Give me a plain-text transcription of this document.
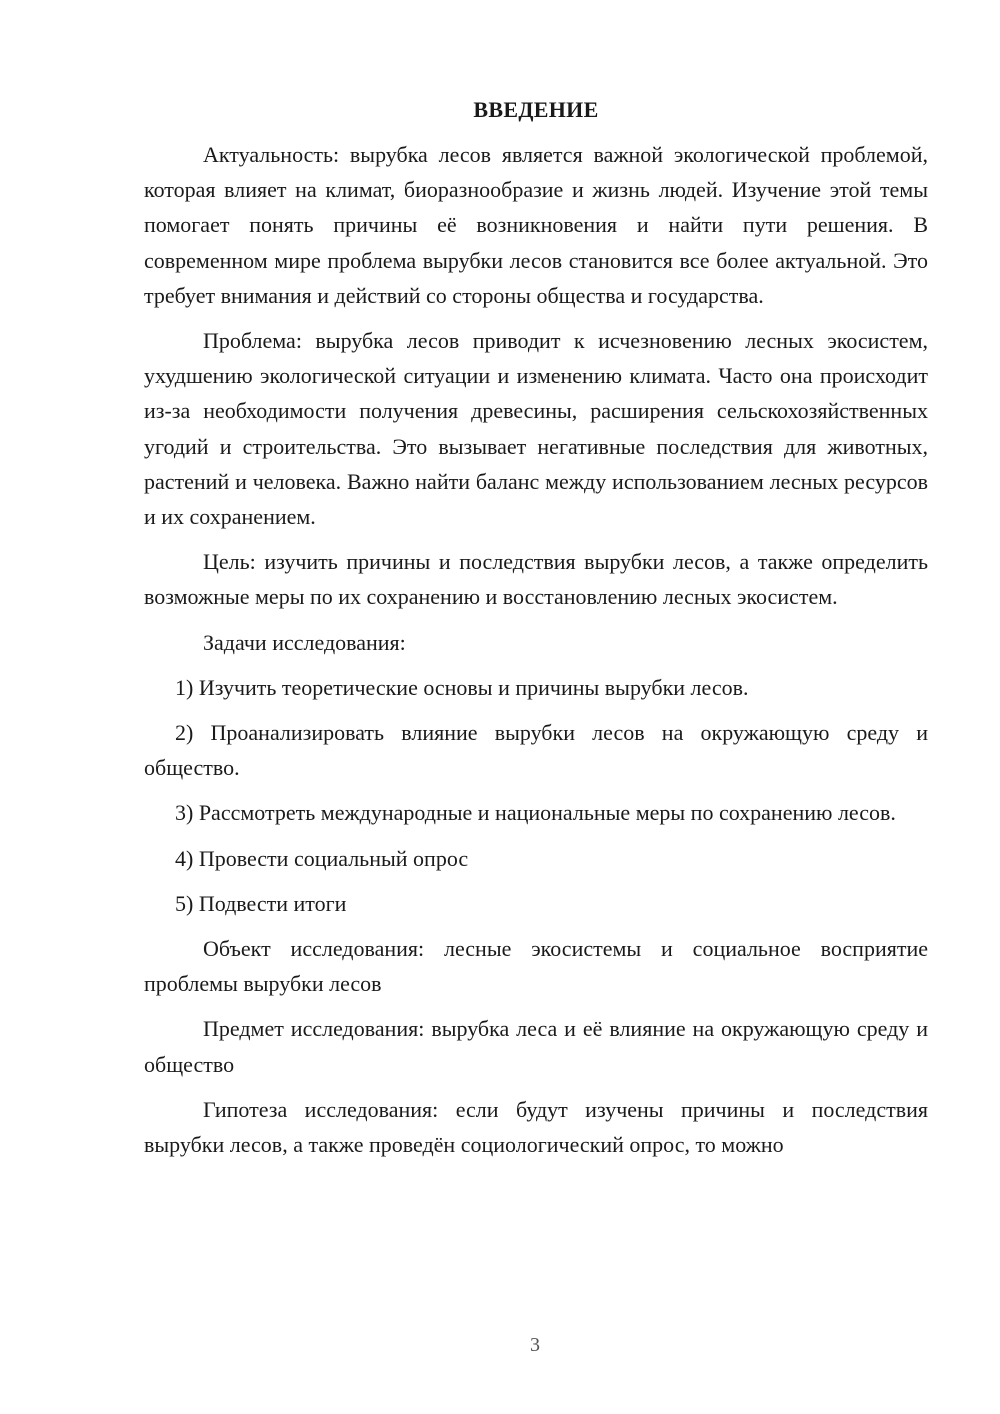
ВВЕДЕНИЕ

Актуальность: вырубка лесов является важной экологической проблемой, которая влияет на климат, биоразнообразие и жизнь людей. Изучение этой темы помогает понять причины её возникновения и найти пути решения. В современном мире проблема вырубки лесов становится все более актуальной. Это требует внимания и действий со стороны общества и государства.

Проблема: вырубка лесов приводит к исчезновению лесных экосистем, ухудшению экологической ситуации и изменению климата. Часто она происходит из-за необходимости получения древесины, расширения сельскохозяйственных угодий и строительства. Это вызывает негативные последствия для животных, растений и человека. Важно найти баланс между использованием лесных ресурсов и их сохранением.

Цель: изучить причины и последствия вырубки лесов, а также определить возможные меры по их сохранению и восстановлению лесных экосистем.

Задачи исследования:

1) Изучить теоретические основы и причины вырубки лесов.

2) Проанализировать влияние вырубки лесов на окружающую среду и общество.

3) Рассмотреть международные и национальные меры по сохранению лесов.

4) Провести социальный опрос

5) Подвести итоги

Объект исследования: лесные экосистемы и социальное восприятие проблемы вырубки лесов

Предмет исследования: вырубка леса и её влияние на окружающую среду и общество

Гипотеза исследования: если будут изучены причины и последствия вырубки лесов, а также проведён социологический опрос, то можно

3
